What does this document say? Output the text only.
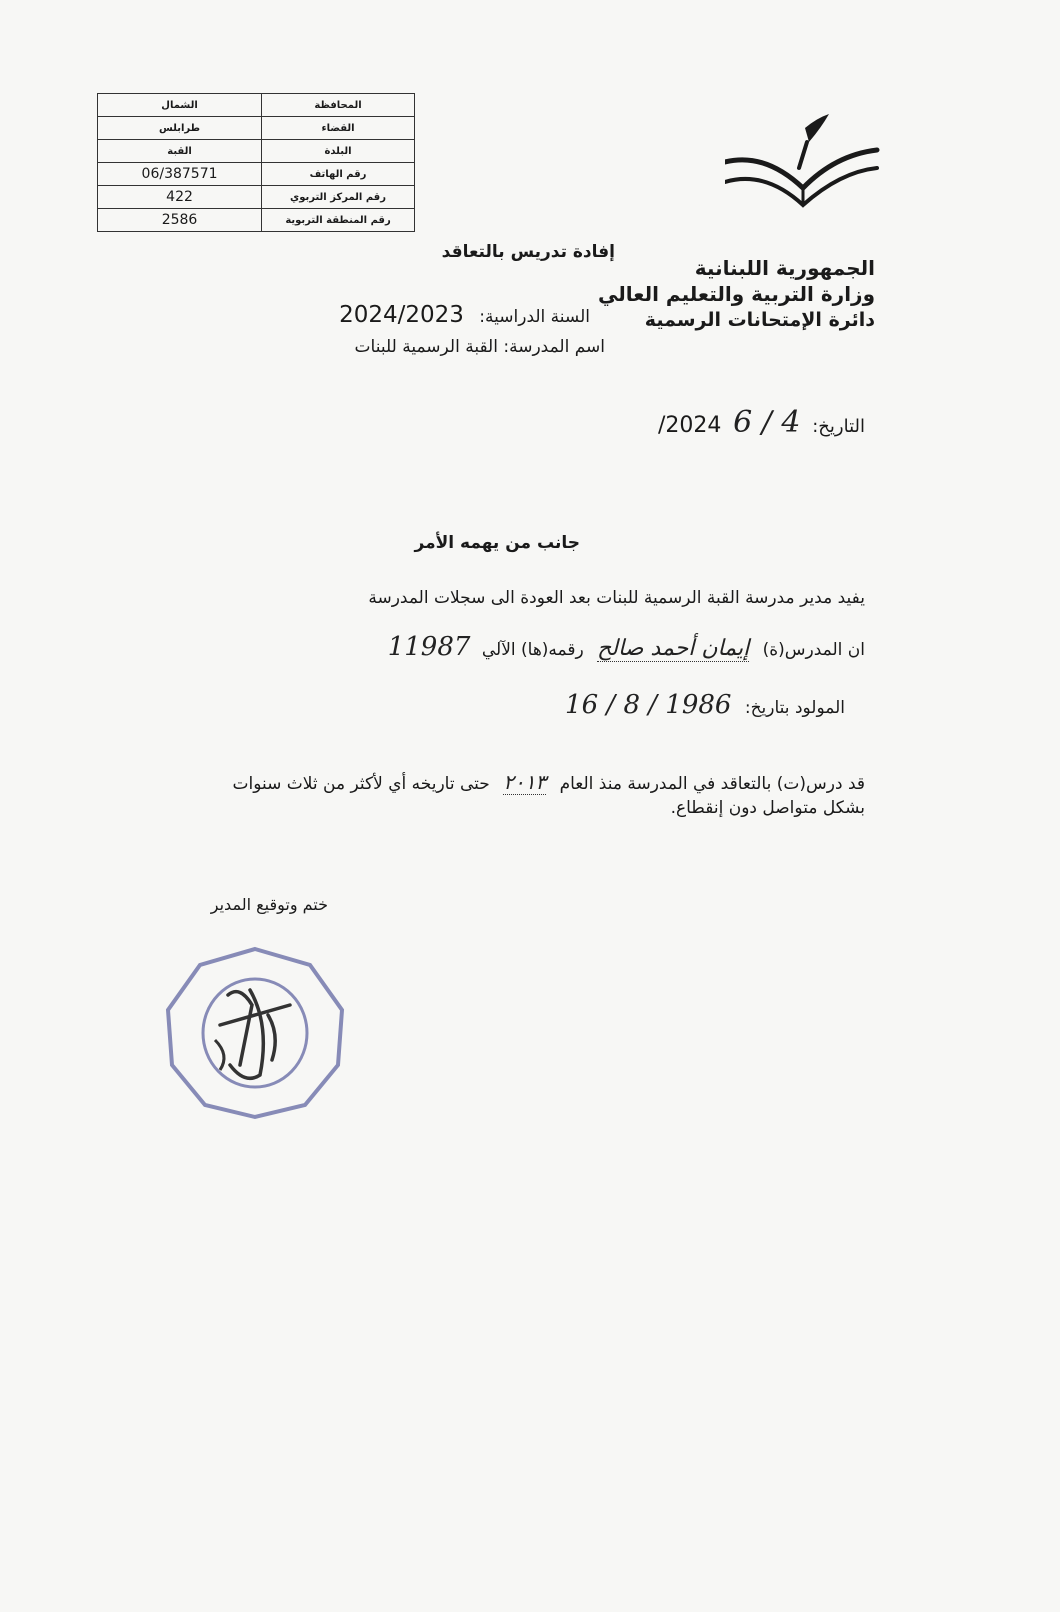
الشمال	المحافظة
طرابلس	القضاء
القبة	البلدة
06/387571	رقم الهاتف
422	رقم المركز التربوي
2586	رقم المنطقة التربوية
الجمهورية اللبنانية
وزارة التربية والتعليم العالي
دائرة الإمتحانات الرسمية
إفادة تدريس بالتعاقد
السنة الدراسية: 2024/2023
اسم المدرسة: القبة الرسمية للبنات
التاريخ: 4 / 6 2024/
جانب من يهمه الأمر
يفيد مدير مدرسة القبة الرسمية للبنات بعد العودة الى سجلات المدرسة
ان المدرس(ة) إيمان أحمد صالح رقمه(ها) الآلي 11987
المولود بتاريخ: 1986 / 8 / 16
قد درس(ت) بالتعاقد في المدرسة منذ العام ٢٠١٣ حتى تاريخه أي لأكثر من ثلاث سنوات
بشكل متواصل دون إنقطاع.
ختم وتوقيع المدير
